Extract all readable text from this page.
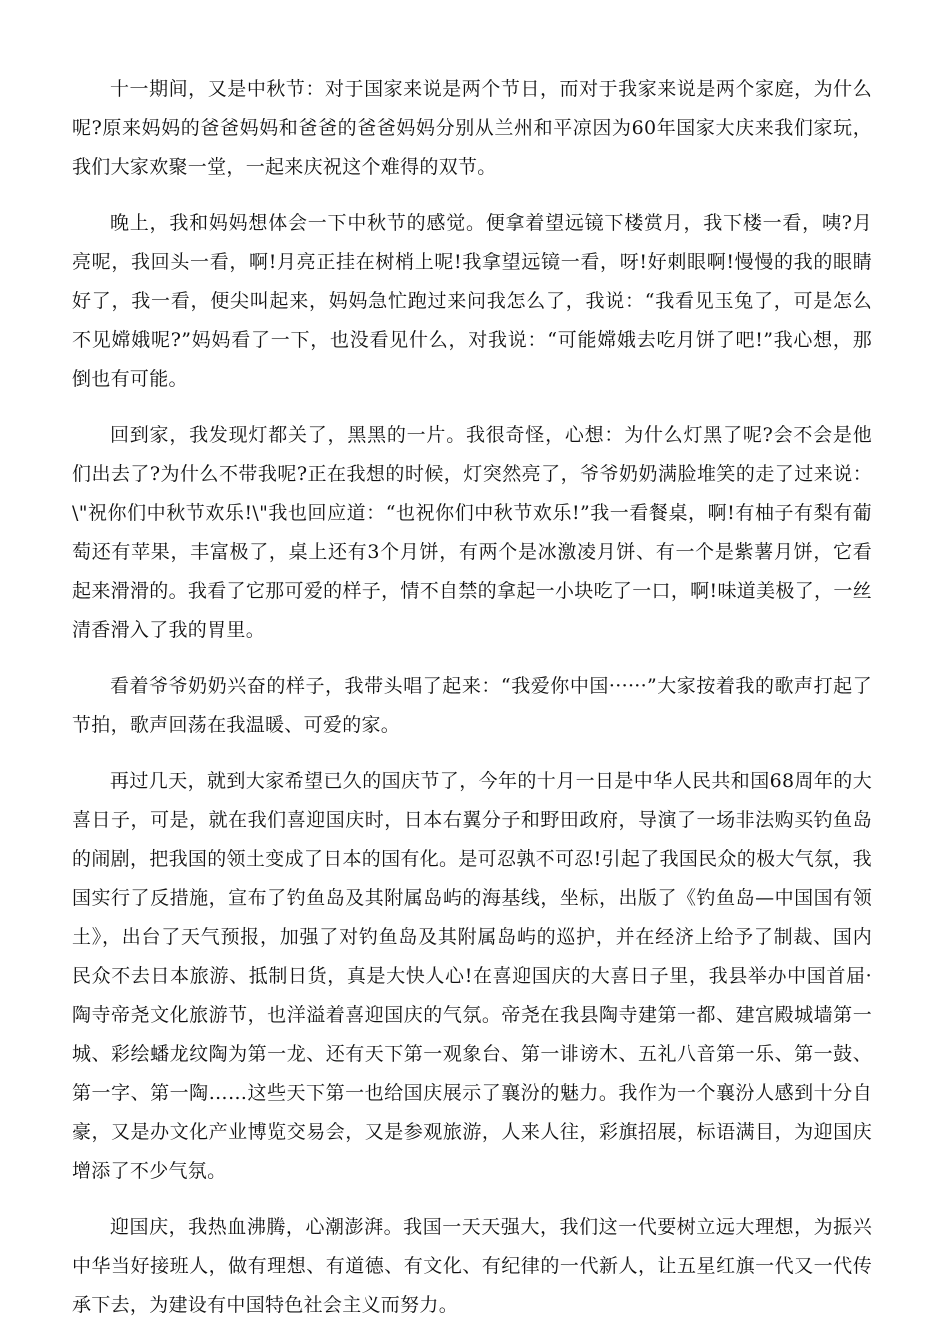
十一期间，又是中秋节：对于国家来说是两个节日，而对于我家来说是两个家庭，为什么呢?原来妈妈的爸爸妈妈和爸爸的爸爸妈妈分别从兰州和平凉因为60年国家大庆来我们家玩，我们大家欢聚一堂，一起来庆祝这个难得的双节。

晚上，我和妈妈想体会一下中秋节的感觉。便拿着望远镜下楼赏月，我下楼一看，咦?月亮呢，我回头一看，啊!月亮正挂在树梢上呢!我拿望远镜一看，呀!好刺眼啊!慢慢的我的眼睛好了，我一看，便尖叫起来，妈妈急忙跑过来问我怎么了，我说：“我看见玉兔了，可是怎么不见嫦娥呢?”妈妈看了一下，也没看见什么，对我说：“可能嫦娥去吃月饼了吧!”我心想，那倒也有可能。

回到家，我发现灯都关了，黑黑的一片。我很奇怪，心想：为什么灯黑了呢?会不会是他们出去了?为什么不带我呢?正在我想的时候，灯突然亮了，爷爷奶奶满脸堆笑的走了过来说：\"祝你们中秋节欢乐!\"我也回应道：“也祝你们中秋节欢乐!”我一看餐桌，啊!有柚子有梨有葡萄还有苹果，丰富极了，桌上还有3个月饼，有两个是冰激凌月饼、有一个是紫薯月饼，它看起来滑滑的。我看了它那可爱的样子，情不自禁的拿起一小块吃了一口，啊!味道美极了，一丝清香滑入了我的胃里。

看着爷爷奶奶兴奋的样子，我带头唱了起来：“我爱你中国······”大家按着我的歌声打起了节拍，歌声回荡在我温暖、可爱的家。

再过几天，就到大家希望已久的国庆节了，今年的十月一日是中华人民共和国68周年的大喜日子，可是，就在我们喜迎国庆时，日本右翼分子和野田政府，导演了一场非法购买钓鱼岛的闹剧，把我国的领土变成了日本的国有化。是可忍孰不可忍!引起了我国民众的极大气氛，我国实行了反措施，宣布了钓鱼岛及其附属岛屿的海基线，坐标，出版了《钓鱼岛—中国国有领土》，出台了天气预报，加强了对钓鱼岛及其附属岛屿的巡护，并在经济上给予了制裁、国内民众不去日本旅游、抵制日货，真是大快人心!在喜迎国庆的大喜日子里，我县举办中国首届·陶寺帝尧文化旅游节，也洋溢着喜迎国庆的气氛。帝尧在我县陶寺建第一都、建宫殿城墙第一城、彩绘蟠龙纹陶为第一龙、还有天下第一观象台、第一诽谤木、五礼八音第一乐、第一鼓、第一字、第一陶……这些天下第一也给国庆展示了襄汾的魅力。我作为一个襄汾人感到十分自豪，又是办文化产业博览交易会，又是参观旅游，人来人往，彩旗招展，标语满目，为迎国庆增添了不少气氛。

迎国庆，我热血沸腾，心潮澎湃。我国一天天强大，我们这一代要树立远大理想，为振兴中华当好接班人，做有理想、有道德、有文化、有纪律的一代新人，让五星红旗一代又一代传承下去，为建设有中国特色社会主义而努力。
